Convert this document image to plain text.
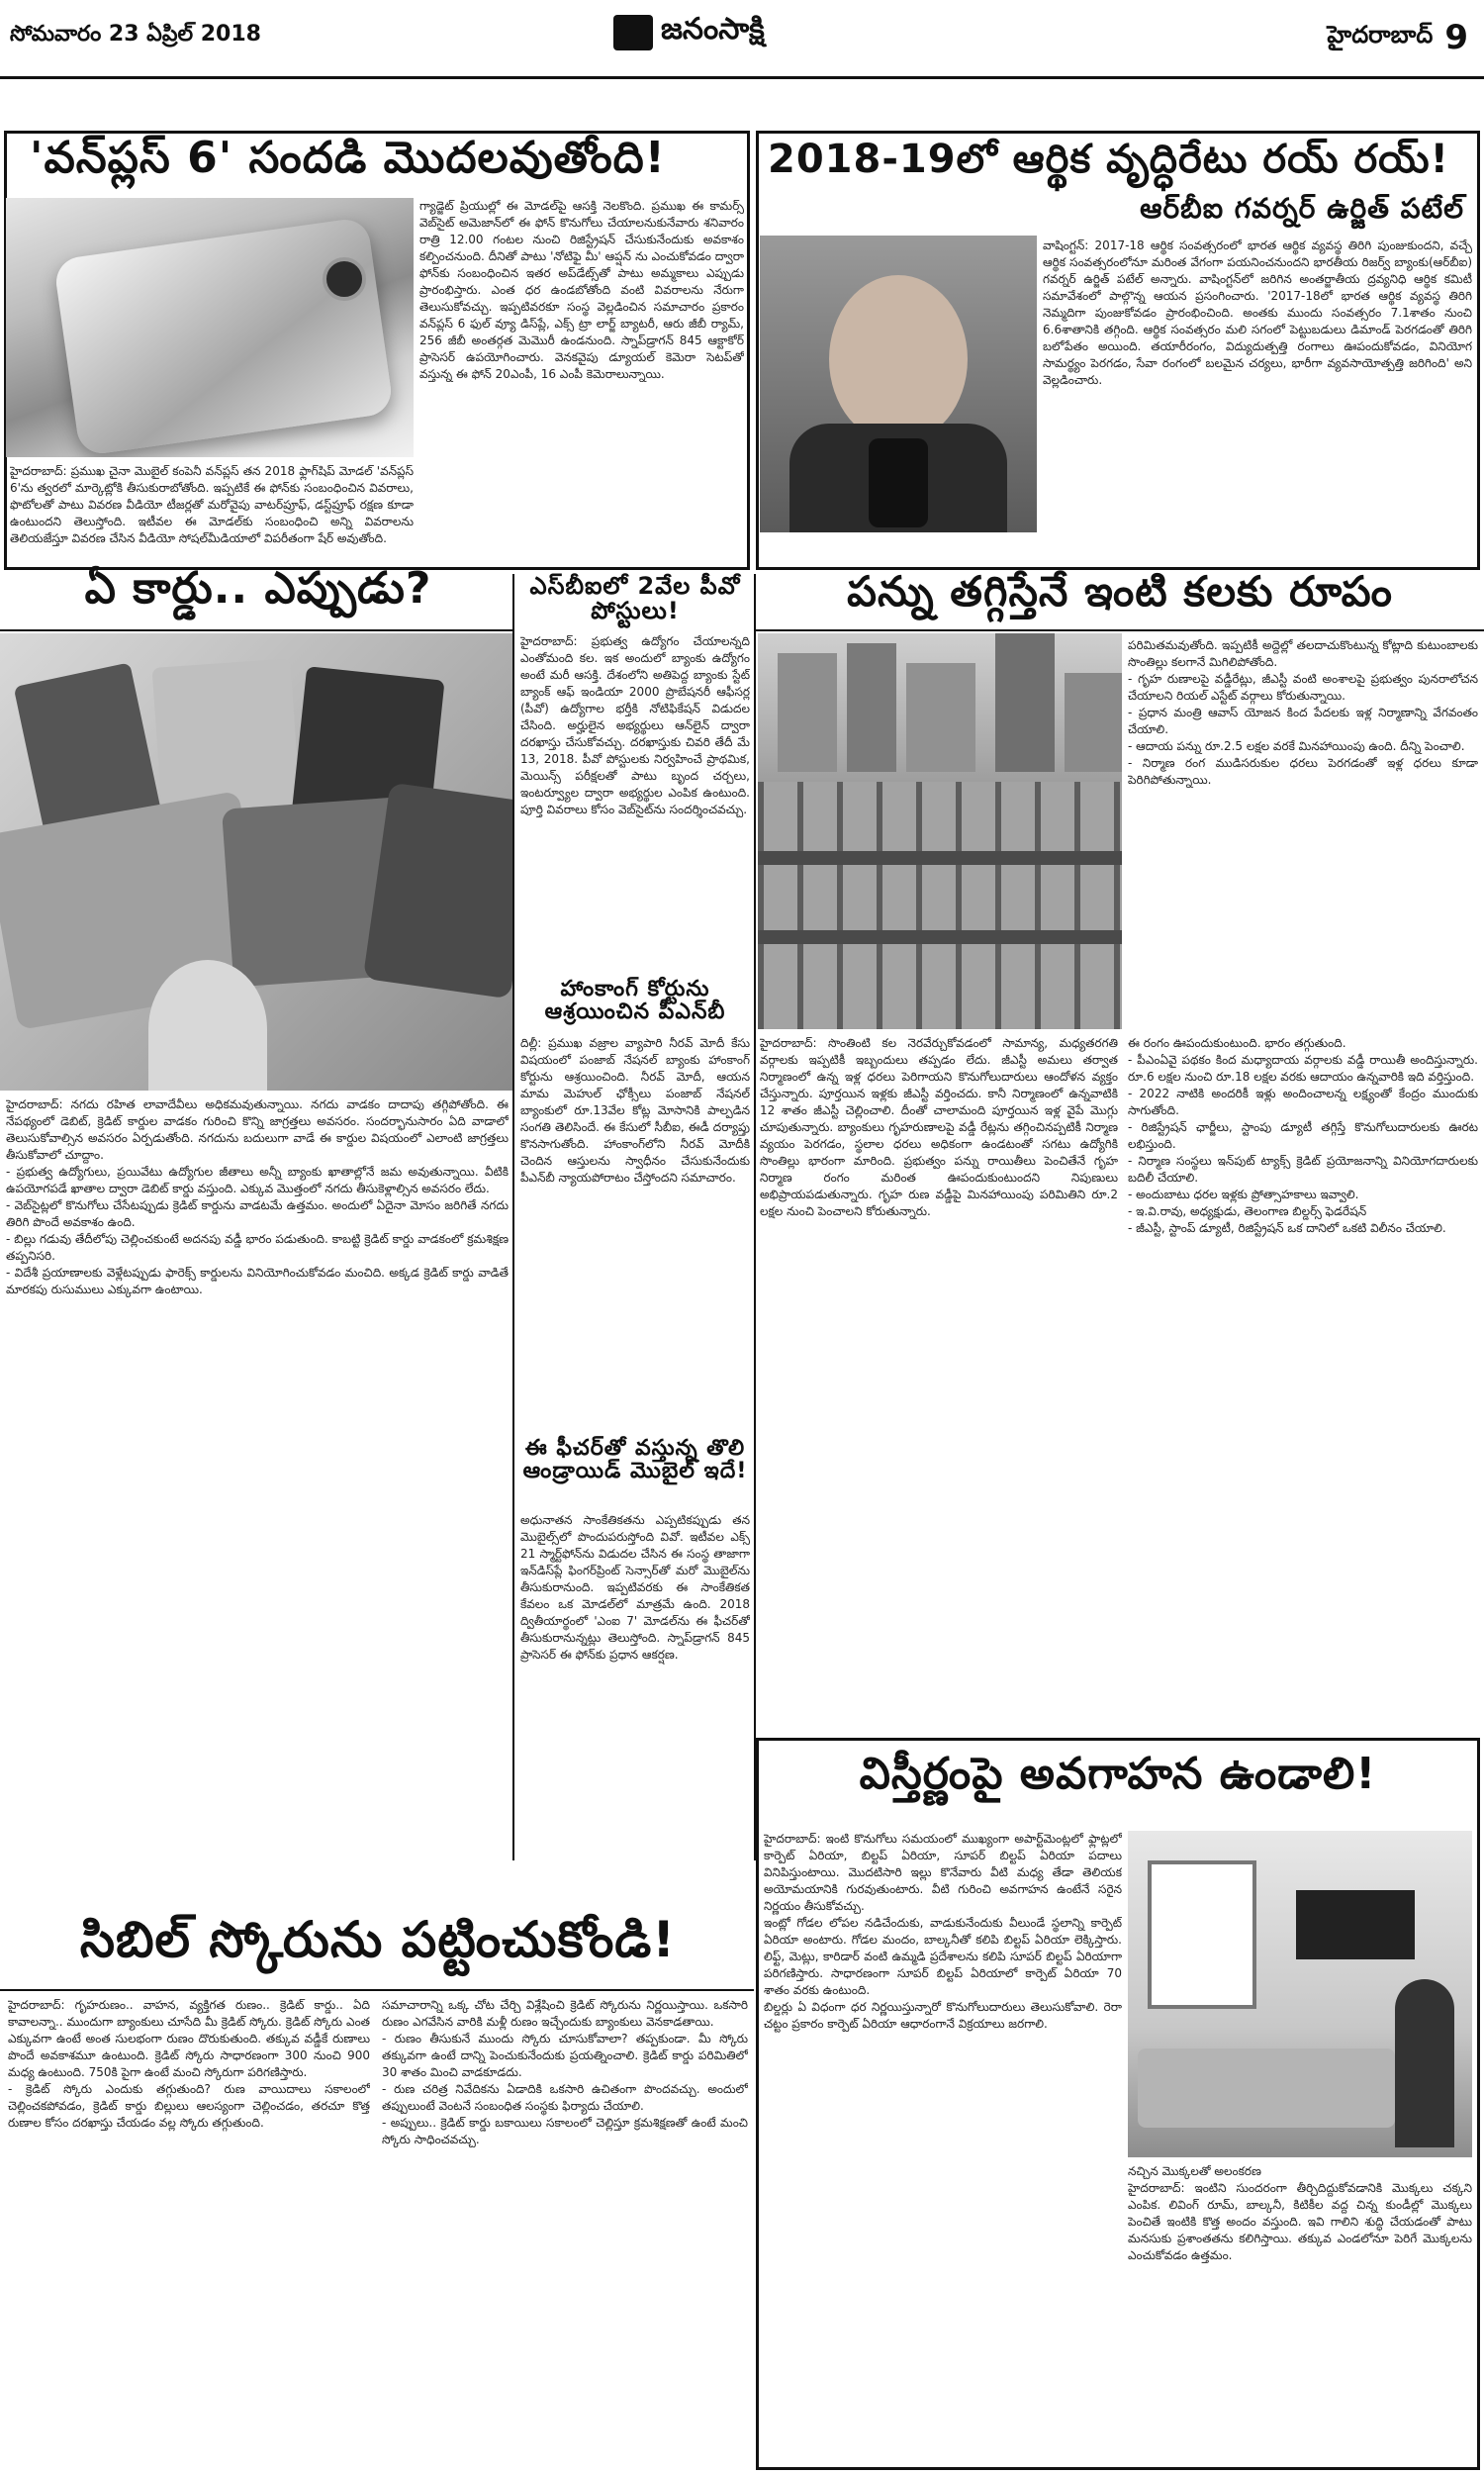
సోమవారం 23 ఏప్రిల్ 2018	జనంసాక్షి	హైదరాబాద్ 9
'వన్‌ప్లస్ 6' సందడి మొదలవుతోంది!
గ్యాడ్జెట్ ప్రియుల్లో ఈ మోడల్‌పై ఆసక్తి నెలకొంది. ప్రముఖ ఈ కామర్స్ వెబ్‌సైట్ అమెజాన్‌లో ఈ ఫోన్ కొనుగోలు చేయాలనుకునేవారు శనివారం రాత్రి 12.00 గంటల నుంచి రిజిస్ట్రేషన్ చేసుకునేందుకు అవకాశం కల్పించనుంది. దీనితో పాటు 'నోటిఫై మీ' ఆప్షన్ ను ఎంచుకోవడం ద్వారా ఫోన్‌కు సంబంధించిన ఇతర అప్‌డేట్స్‌తో పాటు అమ్మకాలు ఎప్పుడు ప్రారంభిస్తారు. ఎంత ధర ఉండబోతోంది వంటి వివరాలను నేరుగా తెలుసుకోవచ్చు. ఇప్పటివరకూ సంస్థ వెల్లడించిన సమాచారం ప్రకారం వన్‌ప్లస్ 6 ఫుల్ వ్యూ డిస్‌ప్లే, ఎక్స్ ట్రా లార్జ్ బ్యాటరీ, ఆరు జీబీ ర్యామ్, 256 జీబీ అంతర్గత మెమొరీ ఉండనుంది. స్నాప్‌డ్రాగన్ 845 ఆక్టాకోర్ ప్రాసెసర్ ఉపయోగించారు. వెనకవైపు డ్యూయల్ కెమెరా సెటప్‌తో వస్తున్న ఈ ఫోన్ 20ఎంపీ, 16 ఎంపీ కెమెరాలున్నాయి.
హైదరాబాద్: ప్రముఖ చైనా మొబైల్ కంపెనీ వన్‌ప్లస్ తన 2018 ఫ్లాగ్‌షిప్ మోడల్ 'వన్‌ప్లస్ 6'ను త్వరలో మార్కెట్లోకి తీసుకురాబోతోంది. ఇప్పటికే ఈ ఫోన్‌కు సంబంధించిన వివరాలు, ఫొటోలతో పాటు వివరణ వీడియో టీజర్లతో మరోవైపు వాటర్‌ప్రూఫ్, డస్ట్‌ప్రూఫ్ రక్షణ కూడా ఉంటుందని తెలుస్తోంది. ఇటీవల ఈ మోడల్‌కు సంబంధించి అన్ని వివరాలను తెలియజేస్తూ వివరణ చేసిన వీడియో సోషల్‌మీడియాలో విపరీతంగా షేర్ అవుతోంది.
2018-19లో ఆర్థిక వృద్ధిరేటు రయ్ రయ్!
ఆర్‌బీఐ గవర్నర్ ఉర్జిత్ పటేల్
వాషింగ్టన్: 2017-18 ఆర్థిక సంవత్సరంలో భారత ఆర్థిక వ్యవస్థ తిరిగి పుంజుకుందని, వచ్చే ఆర్థిక సంవత్సరంలోనూ మరింత వేగంగా పయనించనుందని భారతీయ రిజర్వ్ బ్యాంకు(ఆర్‌బీఐ) గవర్నర్ ఉర్జిత్ పటేల్ అన్నారు. వాషింగ్టన్‌లో జరిగిన అంతర్జాతీయ ద్రవ్యనిధి ఆర్థిక కమిటీ సమావేశంలో పాల్గొన్న ఆయన ప్రసంగించారు. '2017-18లో భారత ఆర్థిక వ్యవస్థ తిరిగి నెమ్మదిగా పుంజుకోవడం ప్రారంభించింది. అంతకు ముందు సంవత్సరం 7.1శాతం నుంచి 6.6శాతానికి తగ్గింది. ఆర్థిక సంవత్సరం మలి సగంలో పెట్టుబడులు డిమాండ్ పెరగడంతో తిరిగి బలోపేతం అయింది. తయారీరంగం, విద్యుదుత్పత్తి రంగాలు ఊపందుకోవడం, వినియోగ సామర్థ్యం పెరగడం, సేవా రంగంలో బలమైన చర్యలు, భారీగా వ్యవసాయోత్పత్తి జరిగింది' అని వెల్లడించారు.
ఏ కార్డు.. ఎప్పుడు?
హైదరాబాద్: నగదు రహిత లావాదేవీలు అధికమవుతున్నాయి. నగదు వాడకం దాదాపు తగ్గిపోతోంది. ఈ నేపథ్యంలో డెబిట్, క్రెడిట్ కార్డుల వాడకం గురించి కొన్ని జాగ్రత్తలు అవసరం. సందర్భానుసారం ఏది వాడాలో తెలుసుకోవాల్సిన అవసరం ఏర్పడుతోంది. నగదును బదులుగా వాడే ఈ కార్డుల విషయంలో ఎలాంటి జాగ్రత్తలు తీసుకోవాలో చూద్దాం.
- ప్రభుత్వ ఉద్యోగులు, ప్రయివేటు ఉద్యోగుల జీతాలు అన్నీ బ్యాంకు ఖాతాల్లోనే జమ అవుతున్నాయి. వీటికి ఉపయోగపడే ఖాతాల ద్వారా డెబిట్ కార్డు వస్తుంది. ఎక్కువ మొత్తంలో నగదు తీసుకెళ్లాల్సిన అవసరం లేదు.
- వెబ్‌సైట్లలో కొనుగోలు చేసేటప్పుడు క్రెడిట్ కార్డును వాడటమే ఉత్తమం. అందులో ఏదైనా మోసం జరిగితే నగదు తిరిగి పొందే అవకాశం ఉంది.
- బిల్లు గడువు తేదీలోపు చెల్లించకుంటే అదనపు వడ్డీ భారం పడుతుంది. కాబట్టి క్రెడిట్ కార్డు వాడకంలో క్రమశిక్షణ తప్పనిసరి.
- విదేశీ ప్రయాణాలకు వెళ్లేటప్పుడు ఫారెక్స్ కార్డులను వినియోగించుకోవడం మంచిది. అక్కడ క్రెడిట్ కార్డు వాడితే మారకపు రుసుములు ఎక్కువగా ఉంటాయి.
ఎస్‌బీఐలో 2వేల పీవో పోస్టులు!
హైదరాబాద్: ప్రభుత్వ ఉద్యోగం చేయాలన్నది ఎంతోమంది కల. ఇక అందులో బ్యాంకు ఉద్యోగం అంటే మరీ ఆసక్తి. దేశంలోని అతిపెద్ద బ్యాంకు స్టేట్ బ్యాంక్ ఆఫ్ ఇండియా 2000 ప్రొబేషనరీ ఆఫీసర్ల (పీవో) ఉద్యోగాల భర్తీకి నోటిఫికేషన్ విడుదల చేసింది. అర్హులైన అభ్యర్థులు ఆన్‌లైన్ ద్వారా దరఖాస్తు చేసుకోవచ్చు. దరఖాస్తుకు చివరి తేదీ మే 13, 2018. పీవో పోస్టులకు నిర్వహించే ప్రాథమిక, మెయిన్స్ పరీక్షలతో పాటు బృంద చర్చలు, ఇంటర్వ్యూల ద్వారా అభ్యర్థుల ఎంపిక ఉంటుంది. పూర్తి వివరాలు కోసం వెబ్‌సైట్‌ను సందర్శించవచ్చు.
హాంకాంగ్ కోర్టును ఆశ్రయించిన పీఎన్‌బీ
దిల్లీ: ప్రముఖ వజ్రాల వ్యాపారి నీరవ్ మోదీ కేసు విషయంలో పంజాబ్ నేషనల్ బ్యాంకు హాంకాంగ్ కోర్టును ఆశ్రయించింది. నీరవ్ మోదీ, ఆయన మామ మెహుల్ ఛోక్సీలు పంజాబ్ నేషనల్ బ్యాంకులో రూ.13వేల కోట్ల మోసానికి పాల్పడిన సంగతి తెలిసిందే. ఈ కేసులో సీబీఐ, ఈడీ దర్యాప్తు కొనసాగుతోంది. హాంకాంగ్‌లోని నీరవ్ మోదీకి చెందిన ఆస్తులను స్వాధీనం చేసుకునేందుకు పీఎన్‌బీ న్యాయపోరాటం చేస్తోందని సమాచారం.
ఈ ఫీచర్‌తో వస్తున్న తొలి ఆండ్రాయిడ్ మొబైల్ ఇదే!
అధునాతన సాంకేతికతను ఎప్పటికప్పుడు తన మొబైల్స్‌లో పొందుపరుస్తోంది వివో. ఇటీవల ఎక్స్ 21 స్మార్ట్‌ఫోన్‌ను విడుదల చేసిన ఈ సంస్థ తాజాగా ఇన్‌డిస్‌ప్లే ఫింగర్‌ప్రింట్ సెన్సార్‌తో మరో మొబైల్‌ను తీసుకురానుంది. ఇప్పటివరకు ఈ సాంకేతికత కేవలం ఒక మోడల్‌లో మాత్రమే ఉంది. 2018 ద్వితీయార్థంలో 'ఎంఐ 7' మోడల్‌ను ఈ ఫీచర్‌తో తీసుకురానున్నట్లు తెలుస్తోంది. స్నాప్‌డ్రాగన్ 845 ప్రాసెసర్ ఈ ఫోన్‌కు ప్రధాన ఆకర్షణ.
పన్ను తగ్గిస్తేనే ఇంటి కలకు రూపం
పరిమితమవుతోంది. ఇప్పటికీ అద్దెల్లో తలదాచుకొంటున్న కోట్లాది కుటుంబాలకు సొంతిల్లు కలగానే మిగిలిపోతోంది.
- గృహ రుణాలపై వడ్డీరేట్లు, జీఎస్టీ వంటి అంశాలపై ప్రభుత్వం పునరాలోచన చేయాలని రియల్ ఎస్టేట్ వర్గాలు కోరుతున్నాయి.
- ప్రధాన మంత్రి ఆవాస్ యోజన కింద పేదలకు ఇళ్ల నిర్మాణాన్ని వేగవంతం చేయాలి.
- ఆదాయ పన్ను రూ.2.5 లక్షల వరకే మినహాయింపు ఉంది. దీన్ని పెంచాలి.
- నిర్మాణ రంగ ముడిసరుకుల ధరలు పెరగడంతో ఇళ్ల ధరలు కూడా పెరిగిపోతున్నాయి.
హైదరాబాద్: సొంతింటి కల నెరవేర్చుకోవడంలో సామాన్య, మధ్యతరగతి వర్గాలకు ఇప్పటికీ ఇబ్బందులు తప్పడం లేదు. జీఎస్టీ అమలు తర్వాత నిర్మాణంలో ఉన్న ఇళ్ల ధరలు పెరిగాయని కొనుగోలుదారులు ఆందోళన వ్యక్తం చేస్తున్నారు. పూర్తయిన ఇళ్లకు జీఎస్టీ వర్తించదు. కానీ నిర్మాణంలో ఉన్నవాటికి 12 శాతం జీఎస్టీ చెల్లించాలి. దీంతో చాలామంది పూర్తయిన ఇళ్ల వైపే మొగ్గు చూపుతున్నారు. బ్యాంకులు గృహరుణాలపై వడ్డీ రేట్లను తగ్గించినప్పటికీ నిర్మాణ వ్యయం పెరగడం, స్థలాల ధరలు అధికంగా ఉండటంతో సగటు ఉద్యోగికి సొంతిల్లు భారంగా మారింది. ప్రభుత్వం పన్ను రాయితీలు పెంచితేనే గృహ నిర్మాణ రంగం మరింత ఊపందుకుంటుందని నిపుణులు అభిప్రాయపడుతున్నారు. గృహ రుణ వడ్డీపై మినహాయింపు పరిమితిని రూ.2 లక్షల నుంచి పెంచాలని కోరుతున్నారు.
ఈ రంగం ఊపందుకుంటుంది. భారం తగ్గుతుంది.
- పీఎంఏవై పథకం కింద మధ్యాదాయ వర్గాలకు వడ్డీ రాయితీ అందిస్తున్నారు. రూ.6 లక్షల నుంచి రూ.18 లక్షల వరకు ఆదాయం ఉన్నవారికి ఇది వర్తిస్తుంది.
- 2022 నాటికి అందరికీ ఇళ్లు అందించాలన్న లక్ష్యంతో కేంద్రం ముందుకు సాగుతోంది.
- రిజిస్ట్రేషన్ ఛార్జీలు, స్టాంపు డ్యూటీ తగ్గిస్తే కొనుగోలుదారులకు ఊరట లభిస్తుంది.
- నిర్మాణ సంస్థలు ఇన్‌పుట్ ట్యాక్స్ క్రెడిట్ ప్రయోజనాన్ని వినియోగదారులకు బదిలీ చేయాలి.
- అందుబాటు ధరల ఇళ్లకు ప్రోత్సాహకాలు ఇవ్వాలి.
- ఇ.వి.రావు, అధ్యక్షుడు, తెలంగాణ బిల్డర్స్ ఫెడరేషన్
- జీఎస్టీ, స్టాంప్ డ్యూటీ, రిజిస్ట్రేషన్ ఒక దానిలో ఒకటి విలీనం చేయాలి.
విస్తీర్ణంపై అవగాహన ఉండాలి!
హైదరాబాద్: ఇంటి కొనుగోలు సమయంలో ముఖ్యంగా అపార్ట్‌మెంట్లలో ఫ్లాట్లలో కార్పెట్ ఏరియా, బిల్టప్ ఏరియా, సూపర్ బిల్టప్ ఏరియా పదాలు వినిపిస్తుంటాయి. మొదటిసారి ఇల్లు కొనేవారు వీటి మధ్య తేడా తెలియక అయోమయానికి గురవుతుంటారు. వీటి గురించి అవగాహన ఉంటేనే సరైన నిర్ణయం తీసుకోవచ్చు.
ఇంట్లో గోడల లోపల నడిచేందుకు, వాడుకునేందుకు వీలుండే స్థలాన్ని కార్పెట్ ఏరియా అంటారు. గోడల మందం, బాల్కనీతో కలిపి బిల్టప్ ఏరియా లెక్కిస్తారు. లిఫ్ట్, మెట్లు, కారిడార్ వంటి ఉమ్మడి ప్రదేశాలను కలిపి సూపర్ బిల్టప్ ఏరియాగా పరిగణిస్తారు. సాధారణంగా సూపర్ బిల్టప్ ఏరియాలో కార్పెట్ ఏరియా 70 శాతం వరకు ఉంటుంది.
బిల్డర్లు ఏ విధంగా ధర నిర్ణయిస్తున్నారో కొనుగోలుదారులు తెలుసుకోవాలి. రెరా చట్టం ప్రకారం కార్పెట్ ఏరియా ఆధారంగానే విక్రయాలు జరగాలి.
నచ్చిన మొక్కలతో అలంకరణ
హైదరాబాద్: ఇంటిని సుందరంగా తీర్చిదిద్దుకోవడానికి మొక్కలు చక్కని ఎంపిక. లివింగ్ రూమ్, బాల్కనీ, కిటికీల వద్ద చిన్న కుండీల్లో మొక్కలు పెంచితే ఇంటికి కొత్త అందం వస్తుంది. ఇవి గాలిని శుద్ధి చేయడంతో పాటు మనసుకు ప్రశాంతతను కలిగిస్తాయి. తక్కువ ఎండలోనూ పెరిగే మొక్కలను ఎంచుకోవడం ఉత్తమం.
సిబిల్ స్కోరును పట్టించుకోండి!
హైదరాబాద్: గృహరుణం.. వాహన, వ్యక్తిగత రుణం.. క్రెడిట్ కార్డు.. ఏది కావాలన్నా.. ముందుగా బ్యాంకులు చూసేది మీ క్రెడిట్ స్కోరు. క్రెడిట్ స్కోరు ఎంత ఎక్కువగా ఉంటే అంత సులభంగా రుణం దొరుకుతుంది. తక్కువ వడ్డీకే రుణాలు పొందే అవకాశమూ ఉంటుంది. క్రెడిట్ స్కోరు సాధారణంగా 300 నుంచి 900 మధ్య ఉంటుంది. 750కి పైగా ఉంటే మంచి స్కోరుగా పరిగణిస్తారు.
- క్రెడిట్ స్కోరు ఎందుకు తగ్గుతుంది? రుణ వాయిదాలు సకాలంలో చెల్లించకపోవడం, క్రెడిట్ కార్డు బిల్లులు ఆలస్యంగా చెల్లించడం, తరచూ కొత్త రుణాల కోసం దరఖాస్తు చేయడం వల్ల స్కోరు తగ్గుతుంది.
సమాచారాన్ని ఒక్క చోట చేర్చి విశ్లేషించి క్రెడిట్ స్కోరును నిర్ణయిస్తాయి. ఒకసారి రుణం ఎగవేసిన వారికి మళ్లీ రుణం ఇచ్చేందుకు బ్యాంకులు వెనకాడతాయి.
- రుణం తీసుకునే ముందు స్కోరు చూసుకోవాలా? తప్పకుండా. మీ స్కోరు తక్కువగా ఉంటే దాన్ని పెంచుకునేందుకు ప్రయత్నించాలి. క్రెడిట్ కార్డు పరిమితిలో 30 శాతం మించి వాడకూడదు.
- రుణ చరిత్ర నివేదికను ఏడాదికి ఒకసారి ఉచితంగా పొందవచ్చు. అందులో తప్పులుంటే వెంటనే సంబంధిత సంస్థకు ఫిర్యాదు చేయాలి.
- అప్పులు.. క్రెడిట్ కార్డు బకాయిలు సకాలంలో చెల్లిస్తూ క్రమశిక్షణతో ఉంటే మంచి స్కోరు సాధించవచ్చు.
